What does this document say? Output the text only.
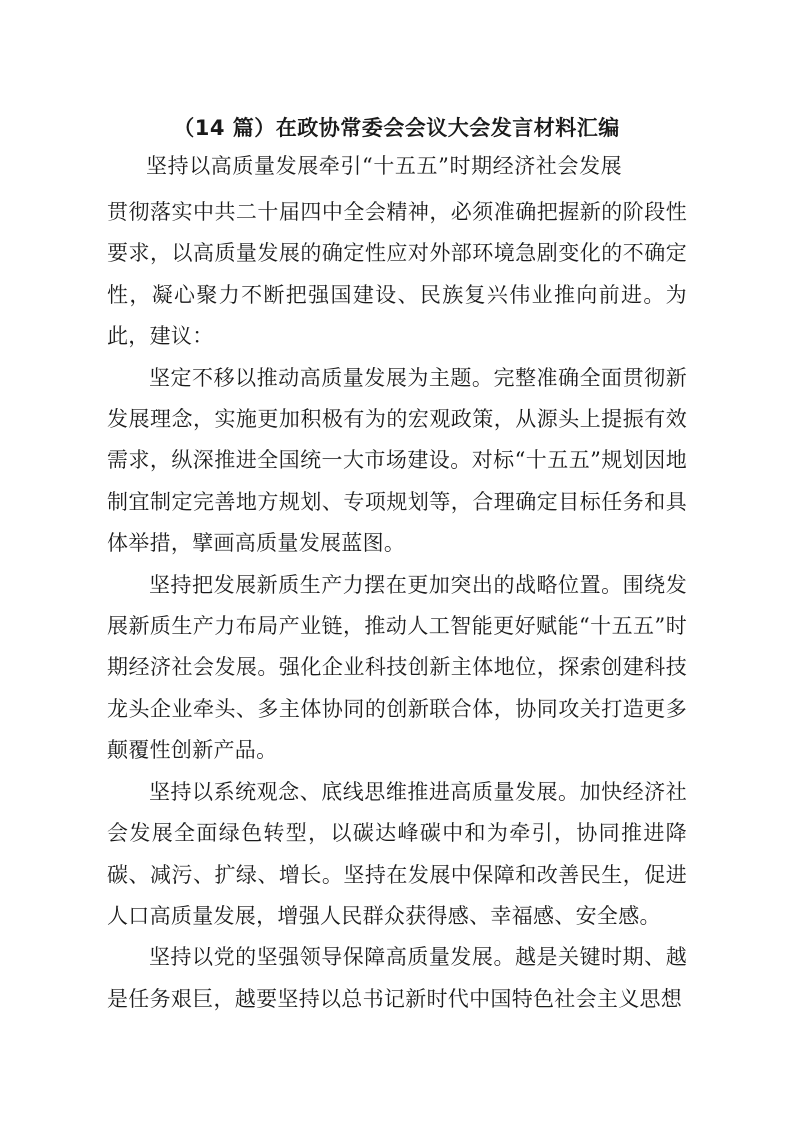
（14 篇）在政协常委会会议大会发言材料汇编
坚持以高质量发展牵引“十五五”时期经济社会发展

贯彻落实中共二十届四中全会精神，必须准确把握新的阶段性要求，以高质量发展的确定性应对外部环境急剧变化的不确定性，凝心聚力不断把强国建设、民族复兴伟业推向前进。为此，建议：

坚定不移以推动高质量发展为主题。完整准确全面贯彻新发展理念，实施更加积极有为的宏观政策，从源头上提振有效需求，纵深推进全国统一大市场建设。对标“十五五”规划因地制宜制定完善地方规划、专项规划等，合理确定目标任务和具体举措，擘画高质量发展蓝图。

坚持把发展新质生产力摆在更加突出的战略位置。围绕发展新质生产力布局产业链，推动人工智能更好赋能“十五五”时期经济社会发展。强化企业科技创新主体地位，探索创建科技龙头企业牵头、多主体协同的创新联合体，协同攻关打造更多颠覆性创新产品。

坚持以系统观念、底线思维推进高质量发展。加快经济社会发展全面绿色转型，以碳达峰碳中和为牵引，协同推进降碳、减污、扩绿、增长。坚持在发展中保障和改善民生，促进人口高质量发展，增强人民群众获得感、幸福感、安全感。

坚持以党的坚强领导保障高质量发展。越是关键时期、越是任务艰巨，越要坚持以总书记新时代中国特色社会主义思想
